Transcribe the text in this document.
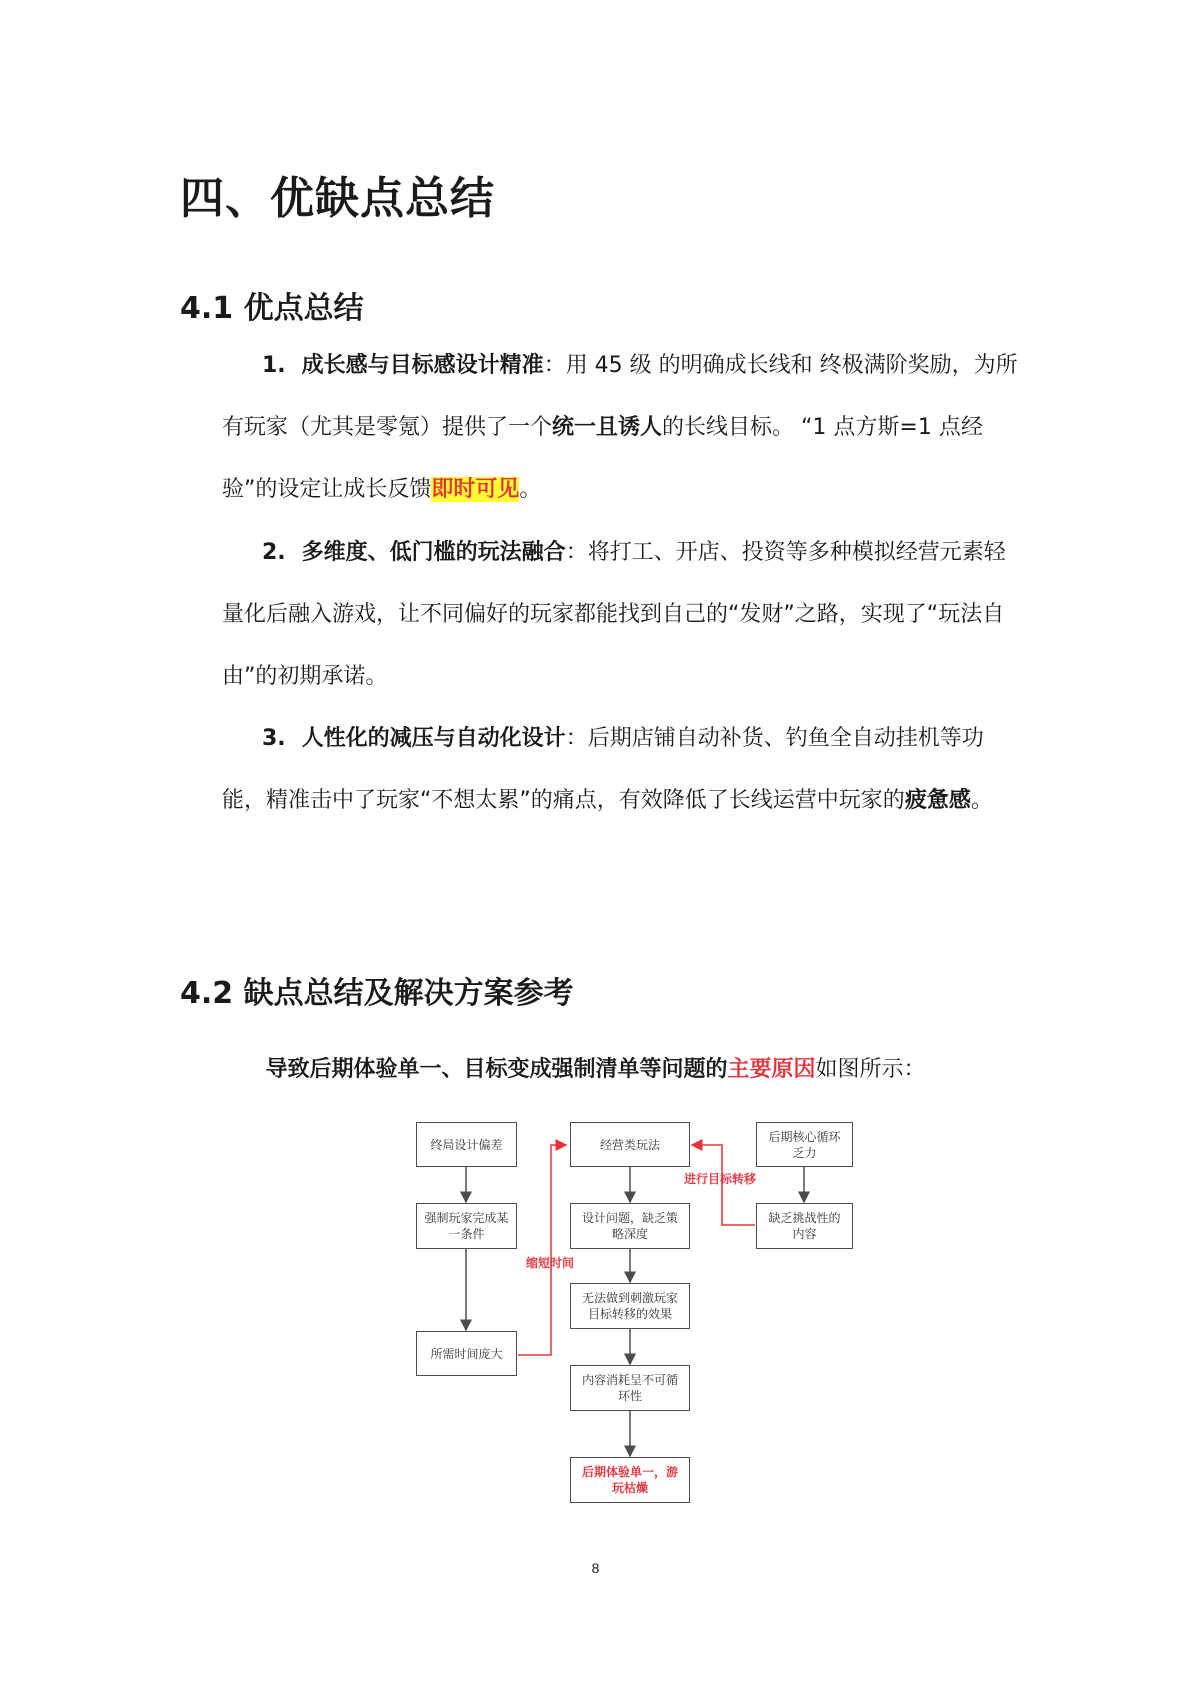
四、优缺点总结
4.1 优点总结
1. 成长感与目标感设计精准：用 45 级 的明确成长线和 终极满阶奖励，为所有玩家（尤其是零氪）提供了一个统一且诱人的长线目标。 “1 点方斯=1 点经验”的设定让成长反馈即时可见。
2. 多维度、低门槛的玩法融合：将打工、开店、投资等多种模拟经营元素轻量化后融入游戏，让不同偏好的玩家都能找到自己的“发财”之路，实现了“玩法自由”的初期承诺。
3. 人性化的减压与自动化设计：后期店铺自动补货、钓鱼全自动挂机等功能，精准击中了玩家“不想太累”的痛点，有效降低了长线运营中玩家的疲惫感。
4.2 缺点总结及解决方案参考
导致后期体验单一、目标变成强制清单等问题的主要原因如图所示：
终局设计偏差
强制玩家完成某一条件
所需时间庞大
经营类玩法
设计问题，缺乏策略深度
无法做到刺激玩家目标转移的效果
内容消耗呈不可循环性
后期体验单一，游玩枯燥
后期核心循环乏力
缺乏挑战性的内容
缩短时间
进行目标转移
8
